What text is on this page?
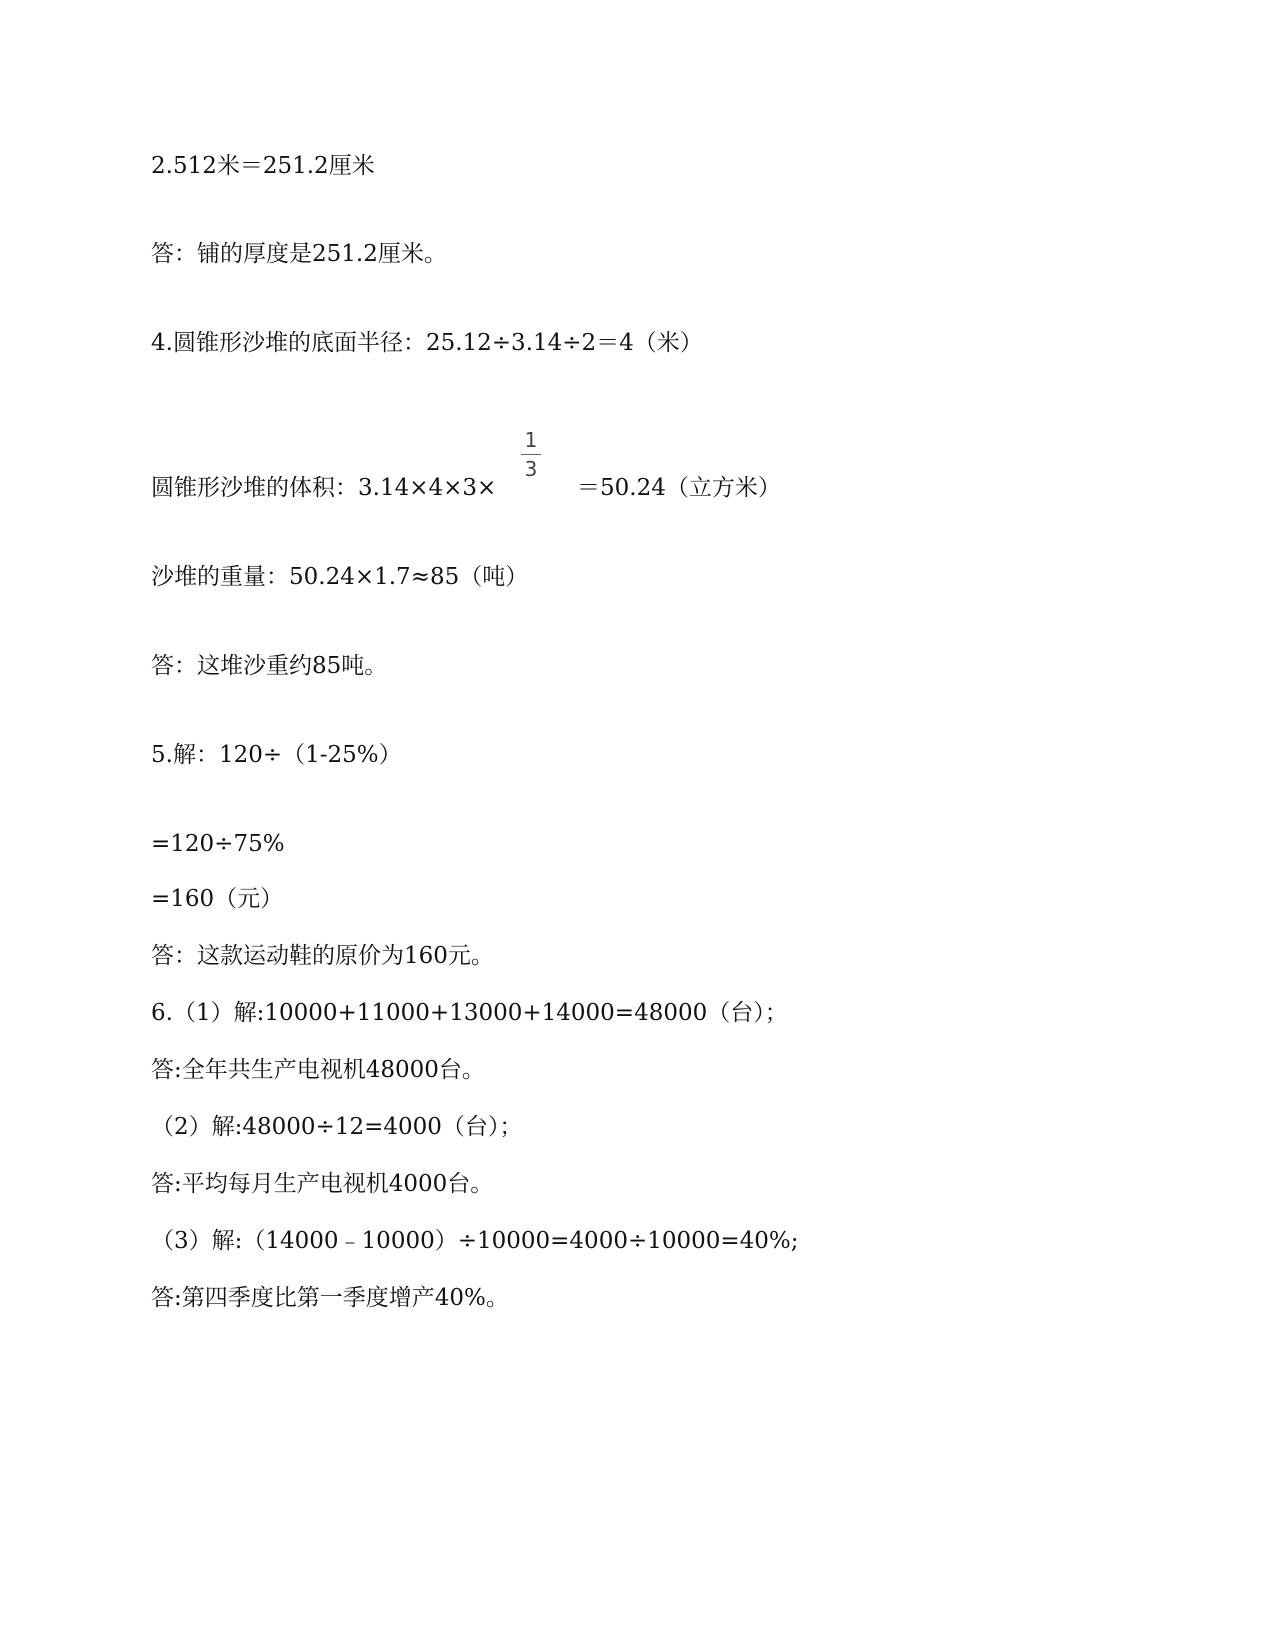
2.512米＝251.2厘米
答：铺的厚度是251.2厘米。
4.圆锥形沙堆的底面半径：25.12÷3.14÷2＝4（米）
圆锥形沙堆的体积：3.14×4×3×
1
3
＝50.24（立方米）
沙堆的重量：50.24×1.7≈85（吨）
答：这堆沙重约85吨。
5.解：120÷（1-25%）
=120÷75%
=160（元）
答：这款运动鞋的原价为160元。
6.（1）解:10000+11000+13000+14000=48000（台）；
答:全年共生产电视机48000台。
（2）解:48000÷12=4000（台）；
答:平均每月生产电视机4000台。
（3）解:（14000﹣10000）÷10000=4000÷10000=40%;
答:第四季度比第一季度增产40%。
